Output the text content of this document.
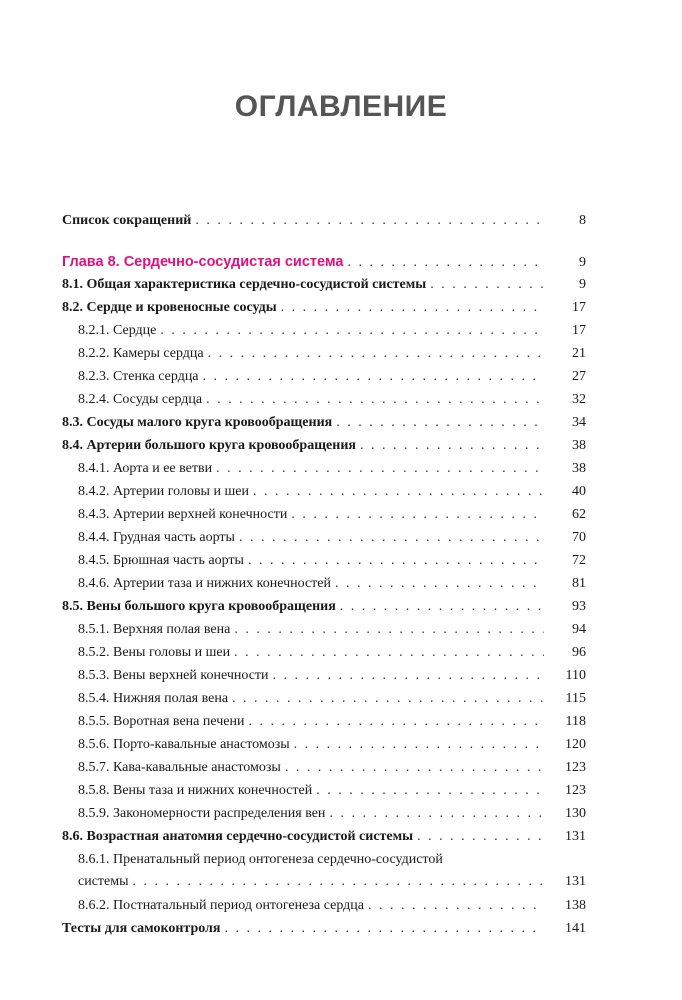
ОГЛАВЛЕНИЕ
Список сокращений . . .	8
Глава 8. Сердечно-сосудистая система . . .	9
8.1. Общая характеристика сердечно-сосудистой системы . . .	9
8.2. Сердце и кровеносные сосуды . . .	17
8.2.1. Сердце . . .	17
8.2.2. Камеры сердца . . .	21
8.2.3. Стенка сердца . . .	27
8.2.4. Сосуды сердца . . .	32
8.3. Сосуды малого круга кровообращения . . .	34
8.4. Артерии большого круга кровообращения . . .	38
8.4.1. Аорта и ее ветви . . .	38
8.4.2. Артерии головы и шеи . . .	40
8.4.3. Артерии верхней конечности . . .	62
8.4.4. Грудная часть аорты . . .	70
8.4.5. Брюшная часть аорты . . .	72
8.4.6. Артерии таза и нижних конечностей . . .	81
8.5. Вены большого круга кровообращения . . .	93
8.5.1. Верхняя полая вена . . .	94
8.5.2. Вены головы и шеи . . .	96
8.5.3. Вены верхней конечности . . .	110
8.5.4. Нижняя полая вена . . .	115
8.5.5. Воротная вена печени . . .	118
8.5.6. Порто-кавальные анастомозы . . .	120
8.5.7. Кава-кавальные анастомозы . . .	123
8.5.8. Вены таза и нижних конечностей . . .	123
8.5.9. Закономерности распределения вен . . .	130
8.6. Возрастная анатомия сердечно-сосудистой системы . . .	131
8.6.1. Пренатальный период онтогенеза сердечно-сосудистой
системы . . .	131
8.6.2. Постнатальный период онтогенеза сердца . . .	138
Тесты для самоконтроля . . .	141
